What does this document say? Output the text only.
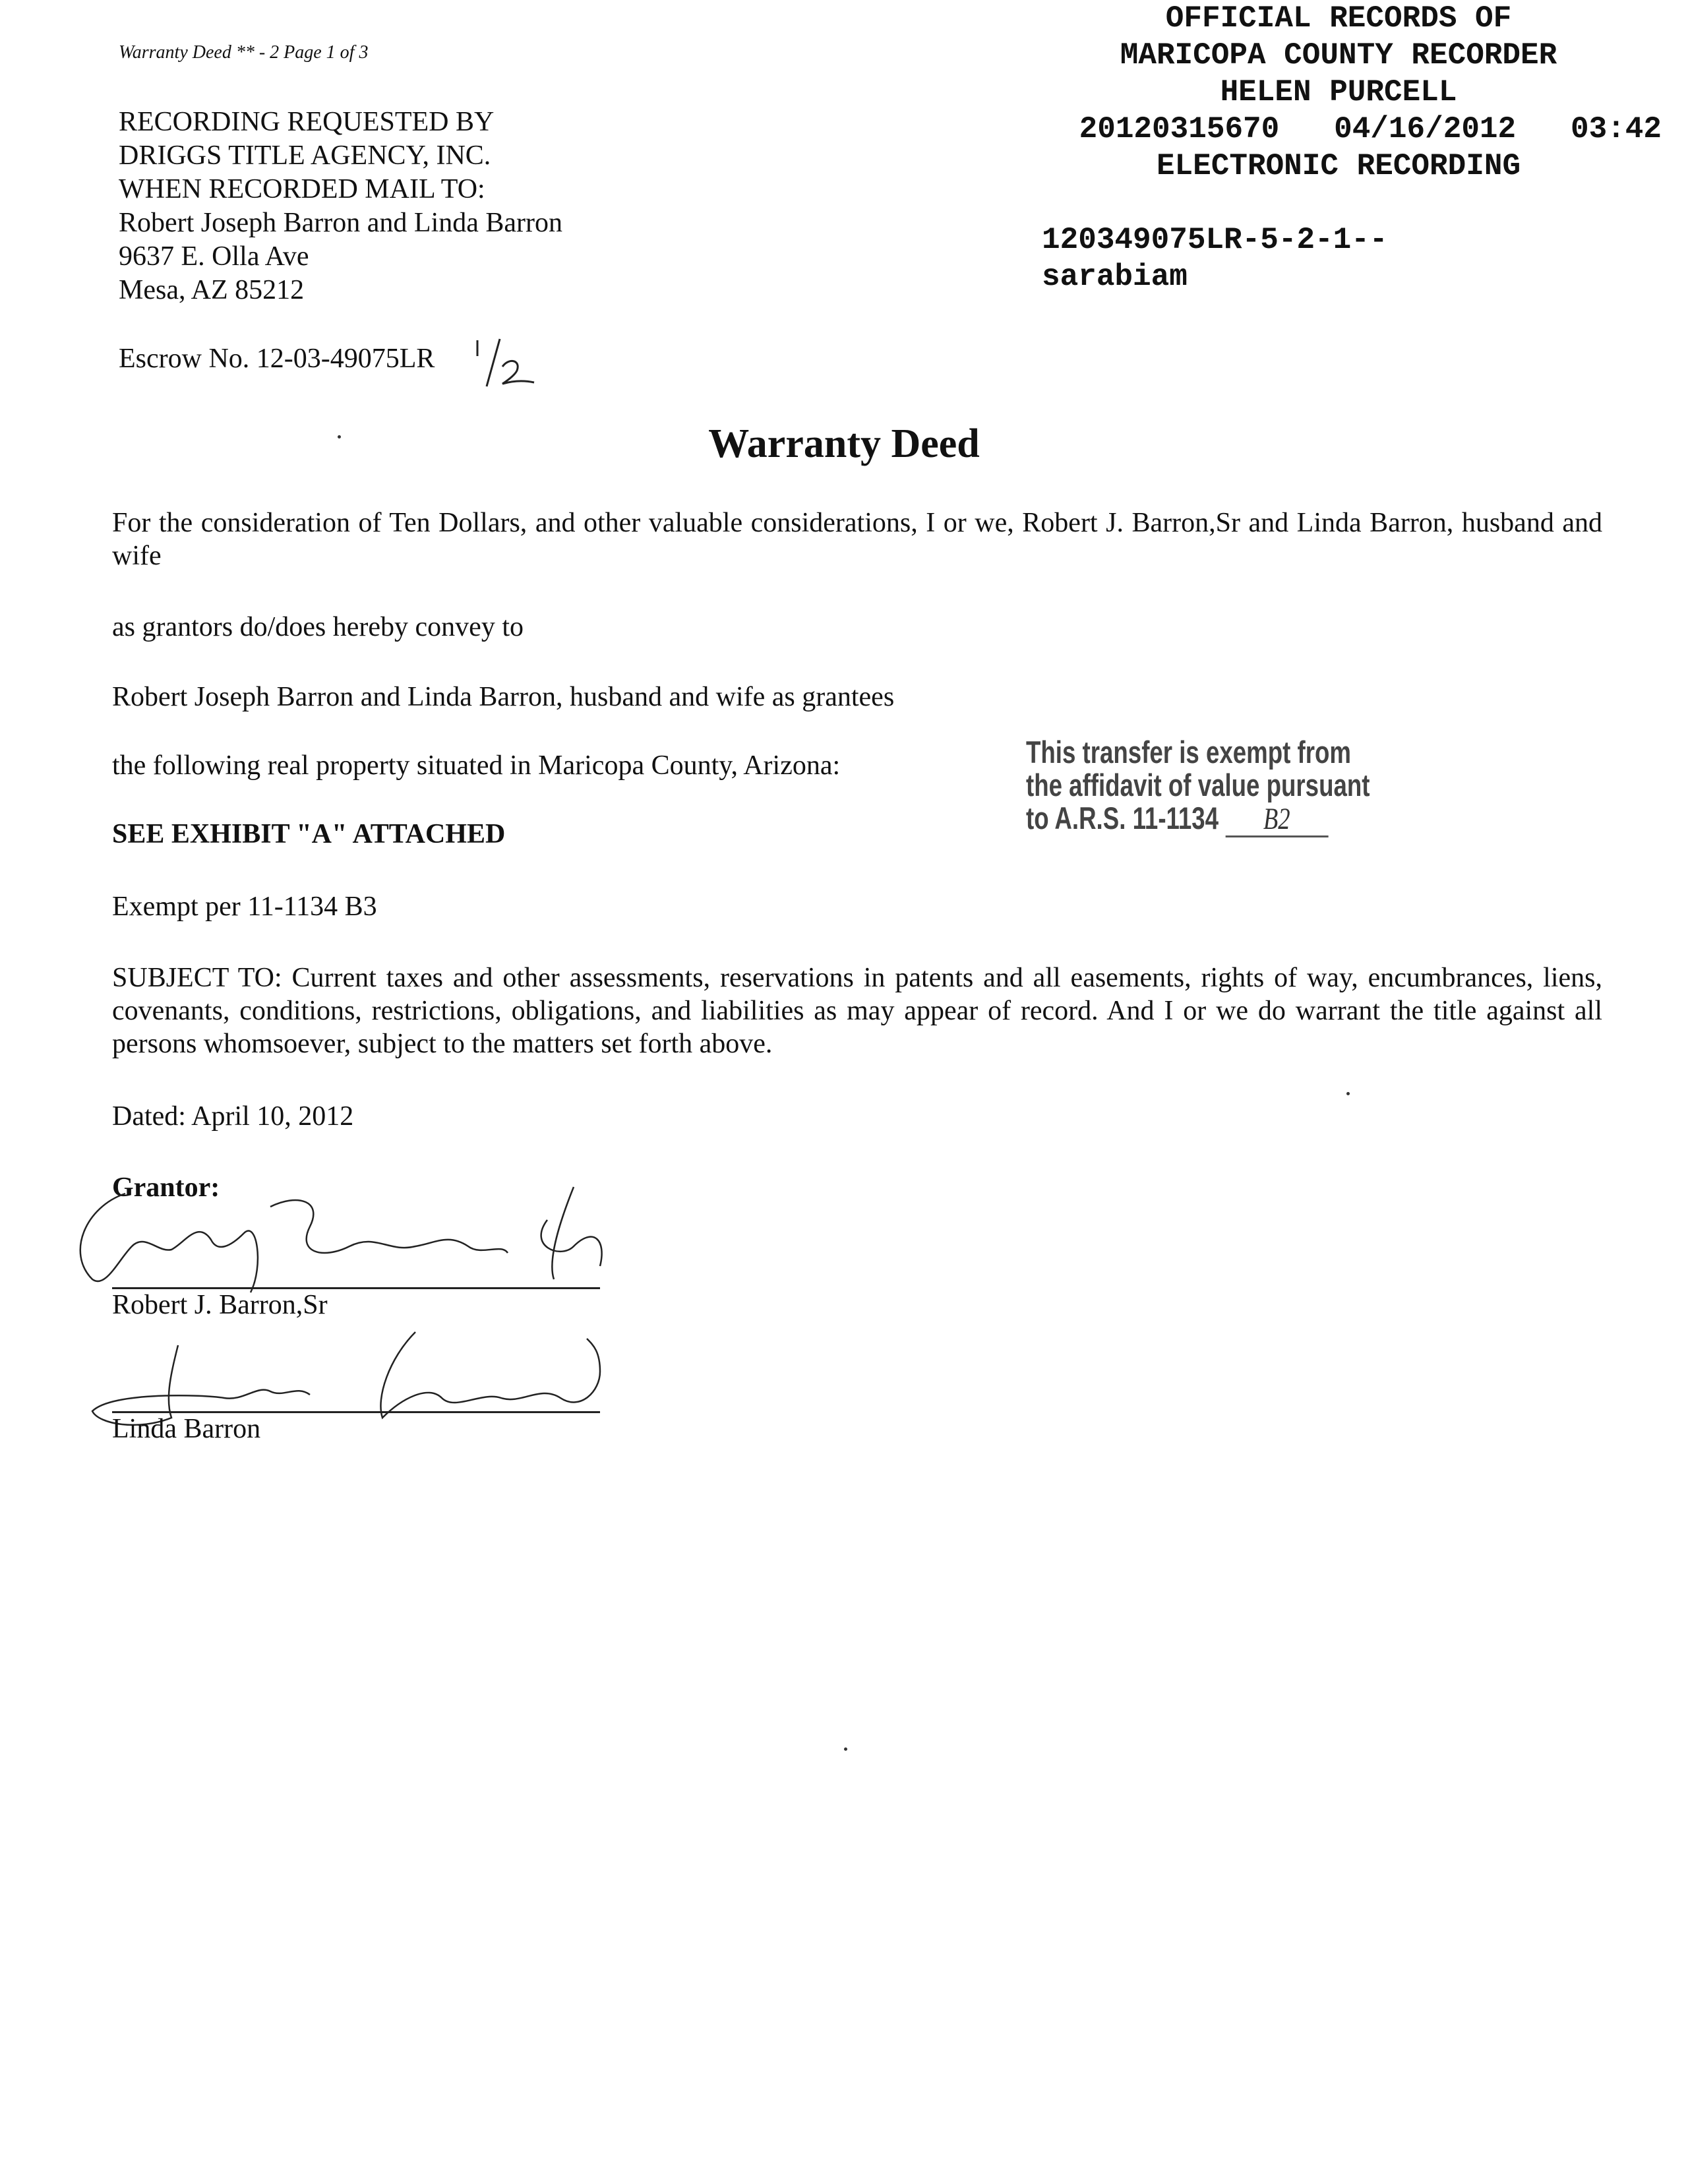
Warranty Deed ** - 2 Page 1 of 3
RECORDING REQUESTED BY
DRIGGS TITLE AGENCY, INC.
WHEN RECORDED MAIL TO:
Robert Joseph Barron and Linda Barron
9637 E. Olla Ave
Mesa, AZ 85212
Escrow No. 12-03-49075LR
OFFICIAL RECORDS OF
MARICOPA COUNTY RECORDER
HELEN PURCELL
20120315670 04/16/2012 03:42
ELECTRONIC RECORDING
120349075LR-5-2-1--
sarabiam
Warranty Deed
For the consideration of Ten Dollars, and other valuable considerations, I or we, Robert J. Barron,Sr and Linda Barron, husband and wife
as grantors do/does hereby convey to
Robert Joseph Barron and Linda Barron, husband and wife as grantees
the following real property situated in Maricopa County, Arizona:
SEE EXHIBIT "A" ATTACHED
Exempt per 11-1134 B3
SUBJECT TO: Current taxes and other assessments, reservations in patents and all easements, rights of way, encumbrances, liens, covenants, conditions, restrictions, obligations, and liabilities as may appear of record. And I or we do warrant the title against all persons whomsoever, subject to the matters set forth above.
Dated: April 10, 2012
This transfer is exempt from
the affidavit of value pursuant
to A.R.S. 11-1134 B2
Grantor:
Robert J. Barron,Sr
Linda Barron
